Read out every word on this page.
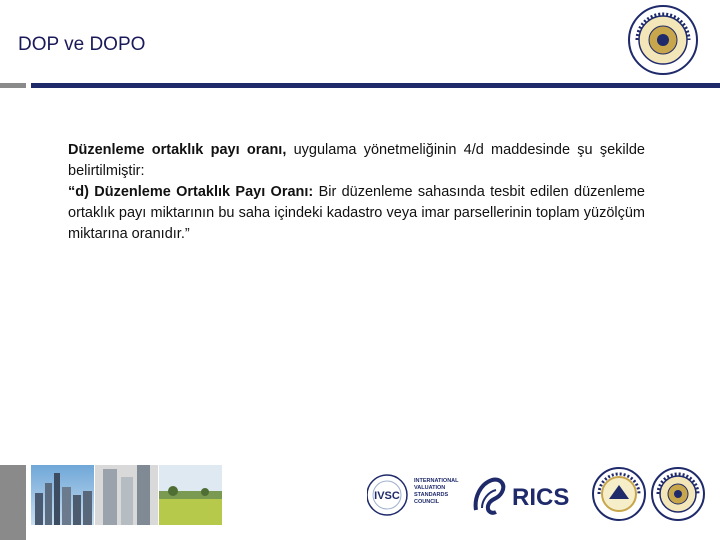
DOP ve DOPO

Düzenleme ortaklık payı oranı, uygulama yönetmeliğinin 4/d maddesinde şu şekilde belirtilmiştir:

“d) Düzenleme Ortaklık Payı Oranı: Bir düzenleme sahasında tesbit edilen düzenleme ortaklık payı miktarının bu saha içindeki kadastro veya imar parsellerinin toplam yüzölçüm miktarına oranıdır.”

IVSC
INTERNATIONAL
VALUATION
STANDARDS
COUNCIL	RICS
